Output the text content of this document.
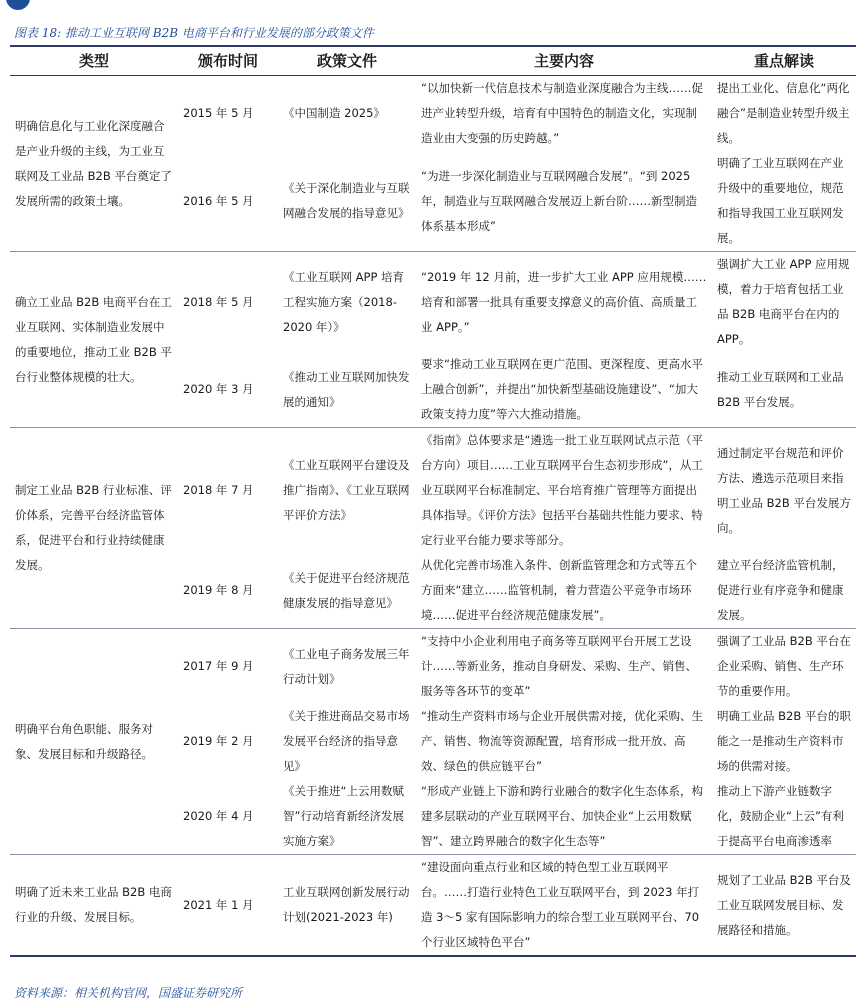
图表 18: 推动工业互联网 B2B 电商平台和行业发展的部分政策文件
类型	颁布时间	政策文件	主要内容	重点解读
明确信息化与工业化深度融合是产业升级的主线，为工业互联网及工业品 B2B 平台奠定了发展所需的政策土壤。	2015 年 5 月	《中国制造 2025》	“以加快新一代信息技术与制造业深度融合为主线……促进产业转型升级，培育有中国特色的制造文化，实现制造业由大变强的历史跨越。”	提出工业化、信息化“两化融合”是制造业转型升级主线。
	2016 年 5 月	《关于深化制造业与互联网融合发展的指导意见》	“为进一步深化制造业与互联网融合发展”。“到 2025 年，制造业与互联网融合发展迈上新台阶……新型制造体系基本形成”	明确了工业互联网在产业升级中的重要地位，规范和指导我国工业互联网发展。
确立工业品 B2B 电商平台在工业互联网、实体制造业发展中的重要地位，推动工业 B2B 平台行业整体规模的壮大。	2018 年 5 月	《工业互联网 APP 培育工程实施方案（2018-2020 年）》	“2019 年 12 月前，进一步扩大工业 APP 应用规模……培育和部署一批具有重要支撑意义的高价值、高质量工业 APP。”	强调扩大工业 APP 应用规模，着力于培育包括工业品 B2B 电商平台在内的 APP。
	2020 年 3 月	《推动工业互联网加快发展的通知》	要求“推动工业互联网在更广范围、更深程度、更高水平上融合创新”，并提出“加快新型基础设施建设”、“加大政策支持力度”等六大推动措施。	推动工业互联网和工业品 B2B 平台发展。
制定工业品 B2B 行业标准、评价体系，完善平台经济监管体系，促进平台和行业持续健康发展。	2018 年 7 月	《工业互联网平台建设及推广指南》、《工业互联网平评价方法》	《指南》总体要求是“遴选一批工业互联网试点示范（平台方向）项目……工业互联网平台生态初步形成”，从工业互联网平台标准制定、平台培育推广管理等方面提出具体指导。《评价方法》包括平台基础共性能力要求、特定行业平台能力要求等部分。	通过制定平台规范和评价方法、遴选示范项目来指明工业品 B2B 平台发展方向。
	2019 年 8 月	《关于促进平台经济规范健康发展的指导意见》	从优化完善市场准入条件、创新监管理念和方式等五个方面来“建立……监管机制，着力营造公平竞争市场环境……促进平台经济规范健康发展”。	建立平台经济监管机制，促进行业有序竞争和健康发展。
明确平台角色职能、服务对象、发展目标和升级路径。	2017 年 9 月	《工业电子商务发展三年行动计划》	“支持中小企业利用电子商务等互联网平台开展工艺设计……等新业务，推动自身研发、采购、生产、销售、服务等各环节的变革”	强调了工业品 B2B 平台在企业采购、销售、生产环节的重要作用。
	2019 年 2 月	《关于推进商品交易市场发展平台经济的指导意见》	“推动生产资料市场与企业开展供需对接，优化采购、生产、销售、物流等资源配置，培育形成一批开放、高效、绿色的供应链平台”	明确工业品 B2B 平台的职能之一是推动生产资料市场的供需对接。
	2020 年 4 月	《关于推进“上云用数赋智”行动培育新经济发展实施方案》	“形成产业链上下游和跨行业融合的数字化生态体系，构建多层联动的产业互联网平台、加快企业“上云用数赋智”、建立跨界融合的数字化生态等”	推动上下游产业链数字化，鼓励企业“上云”有利于提高平台电商渗透率
明确了近未来工业品 B2B 电商行业的升级、发展目标。	2021 年 1 月	工业互联网创新发展行动计划(2021-2023 年)	“建设面向重点行业和区域的特色型工业互联网平台。……打造行业特色工业互联网平台，到 2023 年打造 3～5 家有国际影响力的综合型工业互联网平台、70 个行业区域特色平台”	规划了工业品 B2B 平台及工业互联网发展目标、发展路径和措施。
资料来源：相关机构官网，国盛证券研究所
